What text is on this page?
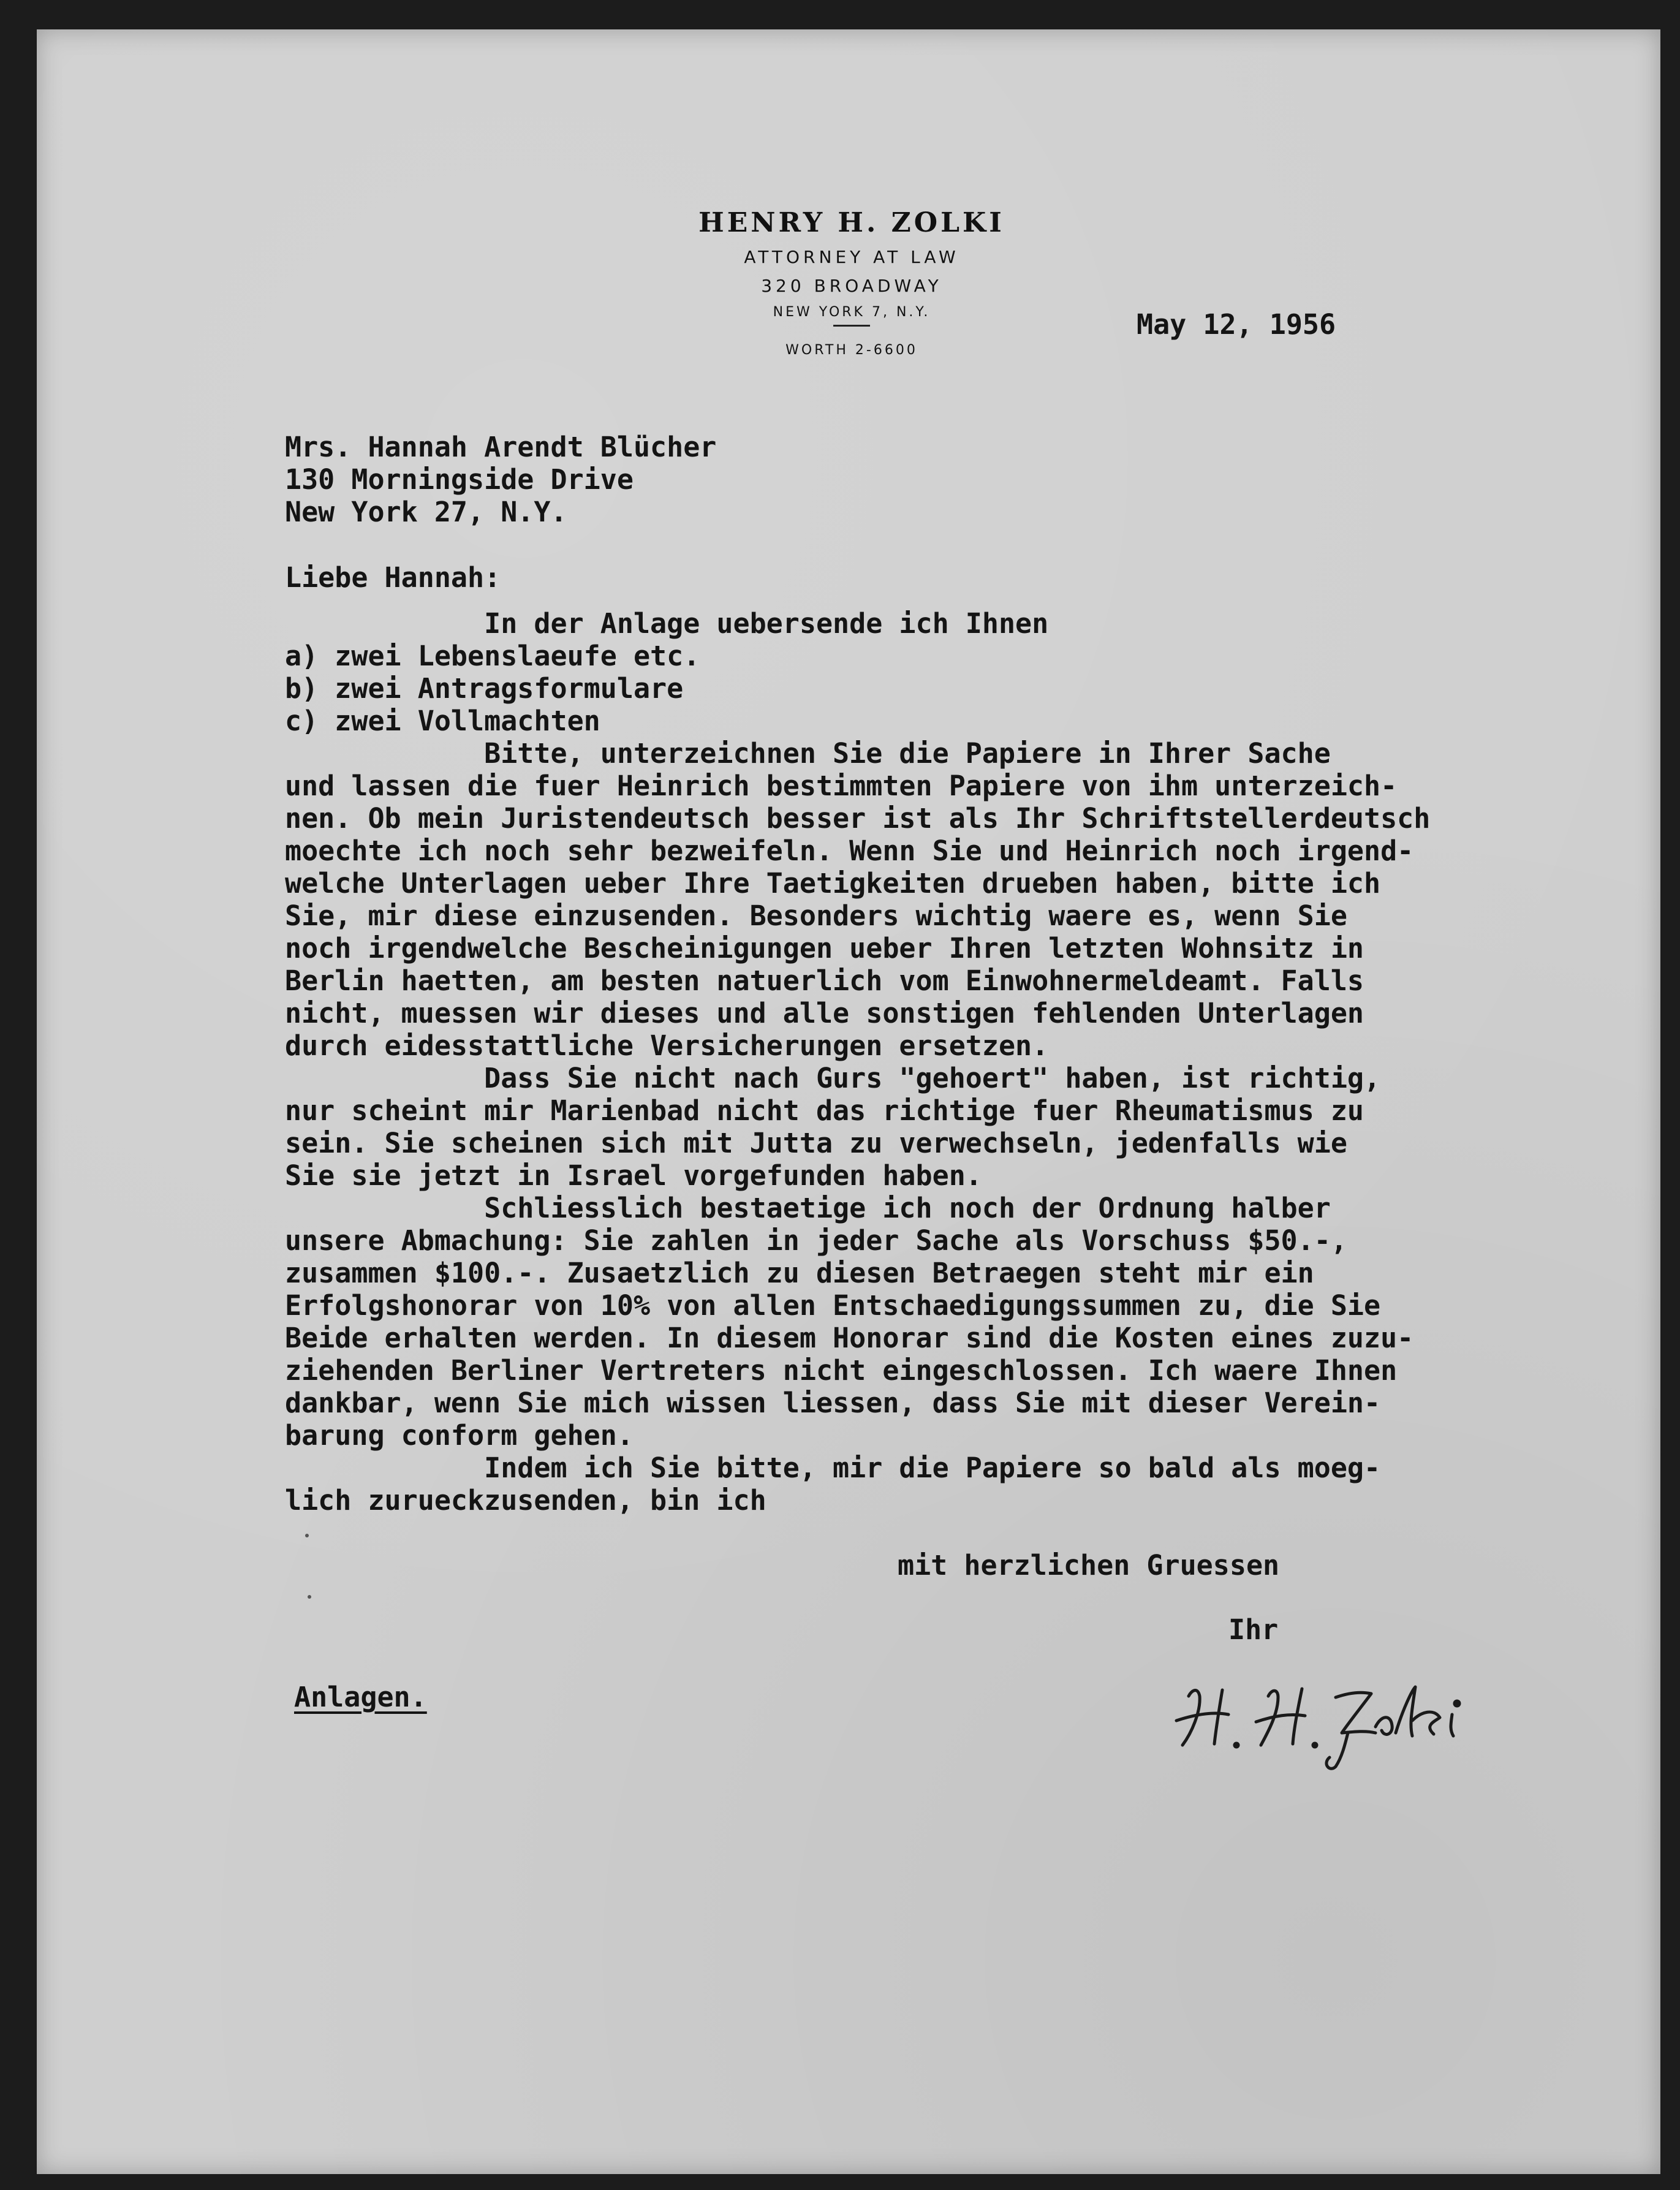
HENRY H. ZOLKI
ATTORNEY AT LAW
320 BROADWAY
NEW YORK 7, N.Y.
WORTH 2-6600
May 12, 1956
Mrs. Hannah Arendt Blücher
130 Morningside Drive
New York 27, N.Y.
Liebe Hannah:
In der Anlage uebersende ich Ihnen
a) zwei Lebenslaeufe etc.
b) zwei Antragsformulare
c) zwei Vollmachten
Bitte, unterzeichnen Sie die Papiere in Ihrer Sache
und lassen die fuer Heinrich bestimmten Papiere von ihm unterzeich-
nen. Ob mein Juristendeutsch besser ist als Ihr Schriftstellerdeutsch
moechte ich noch sehr bezweifeln. Wenn Sie und Heinrich noch irgend-
welche Unterlagen ueber Ihre Taetigkeiten drueben haben, bitte ich
Sie, mir diese einzusenden. Besonders wichtig waere es, wenn Sie
noch irgendwelche Bescheinigungen ueber Ihren letzten Wohnsitz in
Berlin haetten, am besten natuerlich vom Einwohnermeldeamt. Falls
nicht, muessen wir dieses und alle sonstigen fehlenden Unterlagen
durch eidesstattliche Versicherungen ersetzen.
Dass Sie nicht nach Gurs "gehoert" haben, ist richtig,
nur scheint mir Marienbad nicht das richtige fuer Rheumatismus zu
sein. Sie scheinen sich mit Jutta zu verwechseln, jedenfalls wie
Sie sie jetzt in Israel vorgefunden haben.
Schliesslich bestaetige ich noch der Ordnung halber
unsere Abmachung: Sie zahlen in jeder Sache als Vorschuss $50.-,
zusammen $100.-. Zusaetzlich zu diesen Betraegen steht mir ein
Erfolgshonorar von 10% von allen Entschaedigungssummen zu, die Sie
Beide erhalten werden. In diesem Honorar sind die Kosten eines zuzu-
ziehenden Berliner Vertreters nicht eingeschlossen. Ich waere Ihnen
dankbar, wenn Sie mich wissen liessen, dass Sie mit dieser Verein-
barung conform gehen.
Indem ich Sie bitte, mir die Papiere so bald als moeg-
lich zurueckzusenden, bin ich
mit herzlichen Gruessen
Ihr
Anlagen.
